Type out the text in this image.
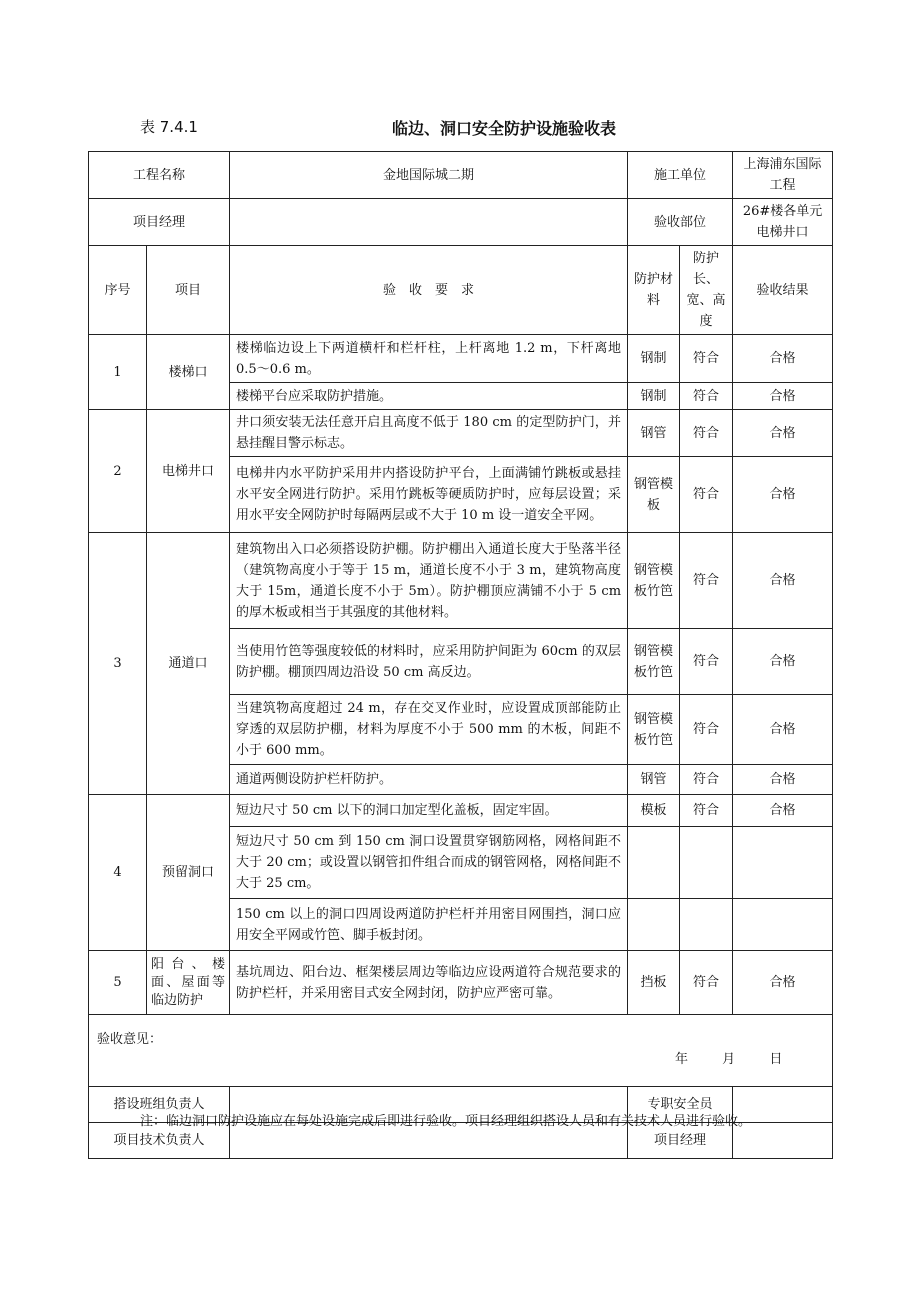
表 7.4.1	临边、洞口安全防护设施验收表
工程名称		金地国际城二期	施工单位		上海浦东国际工程
项目经理			验收部位		26#楼各单元电梯井口
序号	项目	验　收　要　求	防护材料	防护长、宽、高度	验收结果
1	楼梯口	楼梯临边设上下两道横杆和栏杆柱，上杆离地 1.2 m，下杆离地 0.5～0.6 m。	钢制	符合	合格
		楼梯平台应采取防护措施。	钢制	符合	合格
2	电梯井口	井口须安装无法任意开启且高度不低于 180 cm 的定型防护门，并悬挂醒目警示标志。	钢管	符合	合格
		电梯井内水平防护采用井内搭设防护平台，上面满铺竹跳板或悬挂水平安全网进行防护。采用竹跳板等硬质防护时，应每层设置；采用水平安全网防护时每隔两层或不大于 10 m 设一道安全平网。	钢管模板	符合	合格
3	通道口	建筑物出入口必须搭设防护棚。防护棚出入通道长度大于坠落半径（建筑物高度小于等于 15 m，通道长度不小于 3 m，建筑物高度大于 15m，通道长度不小于 5m）。防护棚顶应满铺不小于 5 cm 的厚木板或相当于其强度的其他材料。	钢管模板竹笆	符合	合格
		当使用竹笆等强度较低的材料时，应采用防护间距为 60cm 的双层防护棚。棚顶四周边沿设 50 cm 高反边。	钢管模板竹笆	符合	合格
		当建筑物高度超过 24 m，存在交叉作业时，应设置成顶部能防止穿透的双层防护棚，材料为厚度不小于 500 mm 的木板，间距不小于 600 mm。	钢管模板竹笆	符合	合格
		通道两侧设防护栏杆防护。	钢管	符合	合格
4	预留洞口	短边尺寸 50 cm 以下的洞口加定型化盖板，固定牢固。	模板	符合	合格
		短边尺寸 50 cm 到 150 cm 洞口设置贯穿钢筋网格，网格间距不大于 20 cm；或设置以钢管扣件组合而成的钢管网格，网格间距不大于 25 cm。			
		150 cm 以上的洞口四周设两道防护栏杆并用密目网围挡，洞口应用安全平网或竹笆、脚手板封闭。			
5	阳台、楼面、屋面等临边防护	基坑周边、阳台边、框架楼层周边等临边应设两道符合规范要求的防护栏杆，并采用密目式安全网封闭，防护应严密可靠。	挡板	符合	合格

验收意见：
年 月 日					

搭设班组负责人			专职安全员		
项目技术负责人			项目经理		
注：临边洞口防护设施应在每处设施完成后即进行验收。项目经理组织搭设人员和有关技术人员进行验收。
